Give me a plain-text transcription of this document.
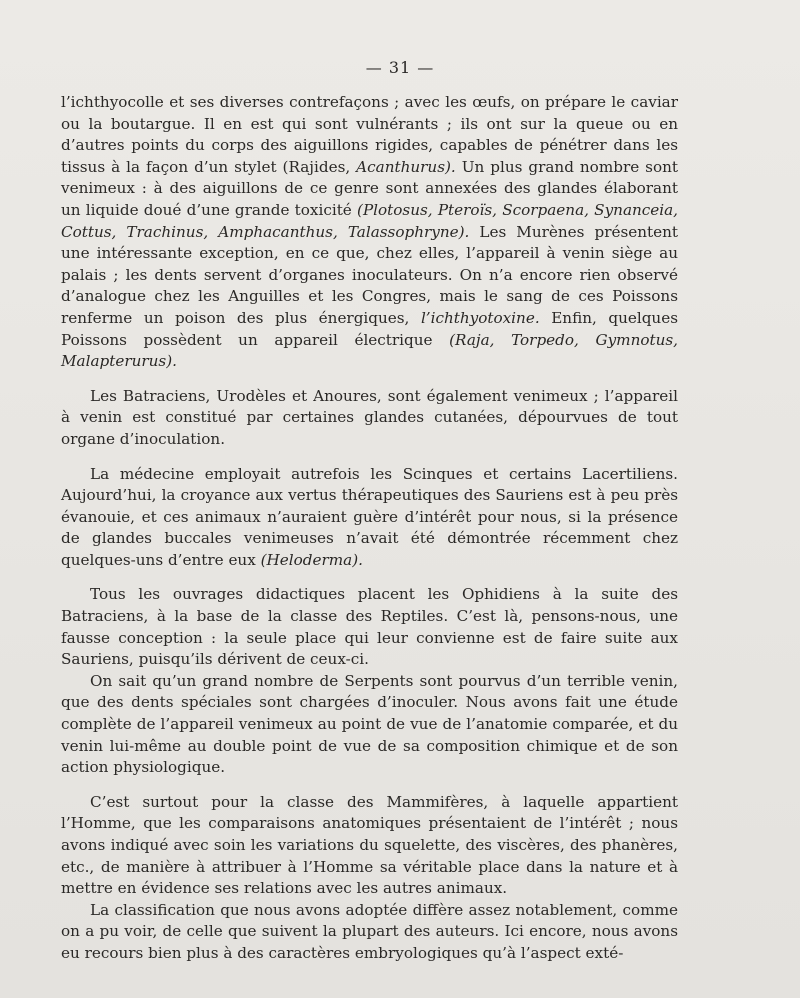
— 31 —

l’ichthyocolle et ses diverses contrefaçons ; avec les œufs, on prépare le caviar ou la boutargue. Il en est qui sont vulnérants ; ils ont sur la queue ou en d’autres points du corps des aiguillons rigides, capables de pénétrer dans les tissus à la façon d’un stylet (Rajides, Acanthurus). Un plus grand nombre sont venimeux : à des aiguillons de ce genre sont annexées des glandes élaborant un liquide doué d’une grande toxicité (Plotosus, Pteroïs, Scorpaena, Synanceia, Cottus, Trachinus, Amphacanthus, Talassophryne). Les Murènes présentent une intéressante exception, en ce que, chez elles, l’appareil à venin siège au palais ; les dents servent d’organes inoculateurs. On n’a encore rien observé d’analogue chez les Anguilles et les Congres, mais le sang de ces Poissons renferme un poison des plus énergiques, l’ichthyotoxine. Enfin, quelques Poissons possèdent un appareil électrique (Raja, Torpedo, Gymnotus, Malapterurus).

Les Batraciens, Urodèles et Anoures, sont également venimeux ; l’appareil à venin est constitué par certaines glandes cutanées, dépourvues de tout organe d’inoculation.

La médecine employait autrefois les Scinques et certains Lacertiliens. Aujourd’hui, la croyance aux vertus thérapeutiques des Sauriens est à peu près évanouie, et ces animaux n’auraient guère d’intérêt pour nous, si la présence de glandes buccales venimeuses n’avait été démontrée récemment chez quelques-uns d’entre eux (Heloderma).

Tous les ouvrages didactiques placent les Ophidiens à la suite des Batraciens, à la base de la classe des Reptiles. C’est là, pensons-nous, une fausse conception : la seule place qui leur convienne est de faire suite aux Sauriens, puisqu’ils dérivent de ceux-ci.

On sait qu’un grand nombre de Serpents sont pourvus d’un terrible venin, que des dents spéciales sont chargées d’inoculer. Nous avons fait une étude complète de l’appareil venimeux au point de vue de l’anatomie comparée, et du venin lui-même au double point de vue de sa composition chimique et de son action physiologique.

C’est surtout pour la classe des Mammifères, à laquelle appartient l’Homme, que les comparaisons anatomiques présentaient de l’intérêt ; nous avons indiqué avec soin les variations du squelette, des viscères, des phanères, etc., de manière à attribuer à l’Homme sa véritable place dans la nature et à mettre en évidence ses relations avec les autres animaux.

La classification que nous avons adoptée diffère assez notablement, comme on a pu voir, de celle que suivent la plupart des auteurs. Ici encore, nous avons eu recours bien plus à des caractères embryologiques qu’à l’aspect exté-
